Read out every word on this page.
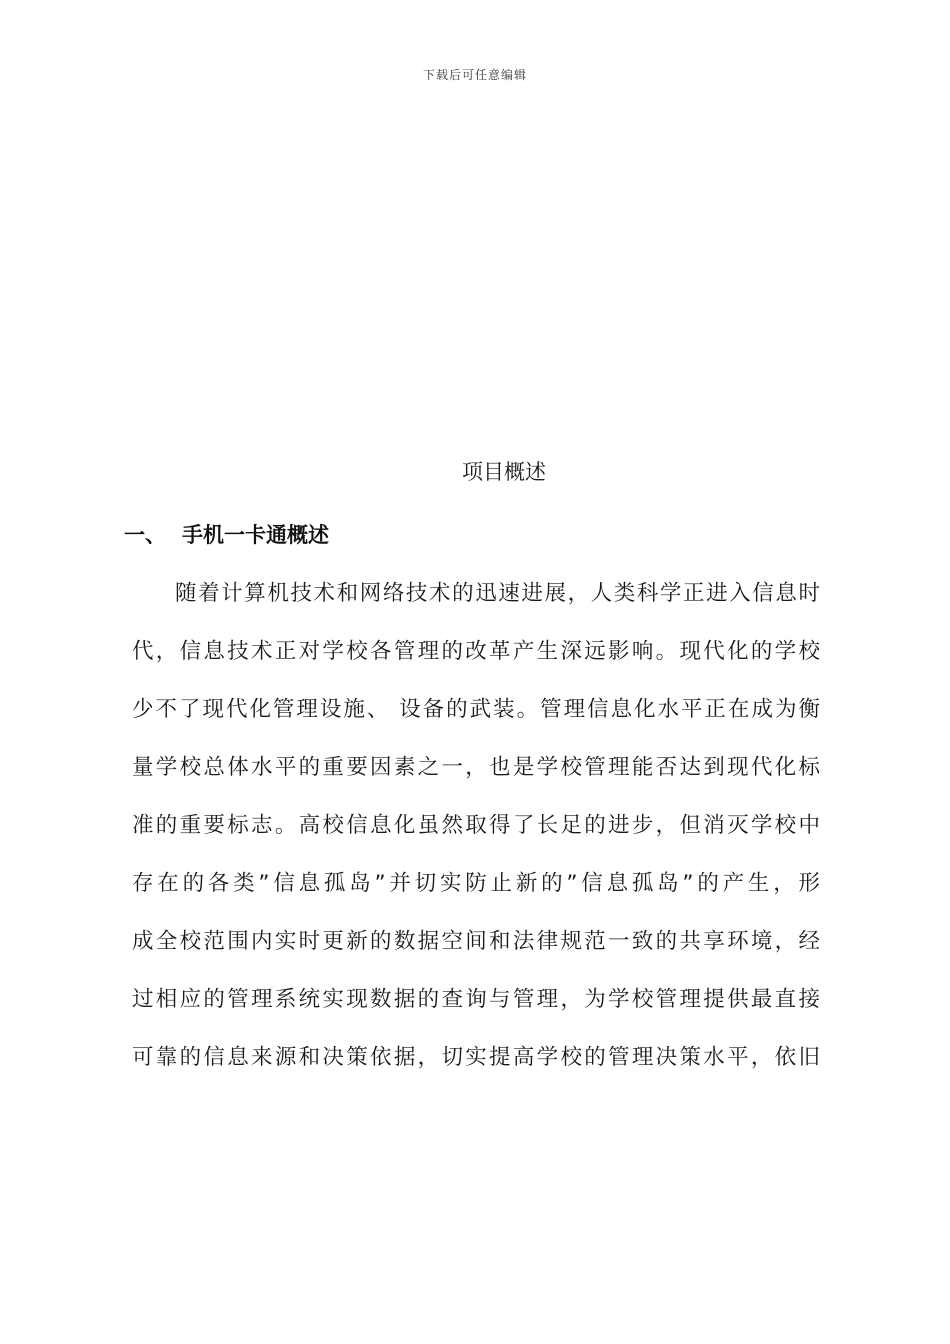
下载后可任意编辑
项目概述
一、 手机一卡通概述
随着计算机技术和网络技术的迅速进展，人类科学正进入信息时
代，信息技术正对学校各管理的改革产生深远影响。现代化的学校
少不了现代化管理设施、 设备的武装。管理信息化水平正在成为衡
量学校总体水平的重要因素之一，也是学校管理能否达到现代化标
准的重要标志。高校信息化虽然取得了长足的进步，但消灭学校中
存在的各类”信息孤岛”并切实防止新的”信息孤岛”的产生，形
成全校范围内实时更新的数据空间和法律规范一致的共享环境，经
过相应的管理系统实现数据的查询与管理，为学校管理提供最直接
可靠的信息来源和决策依据，切实提高学校的管理决策水平，依旧
